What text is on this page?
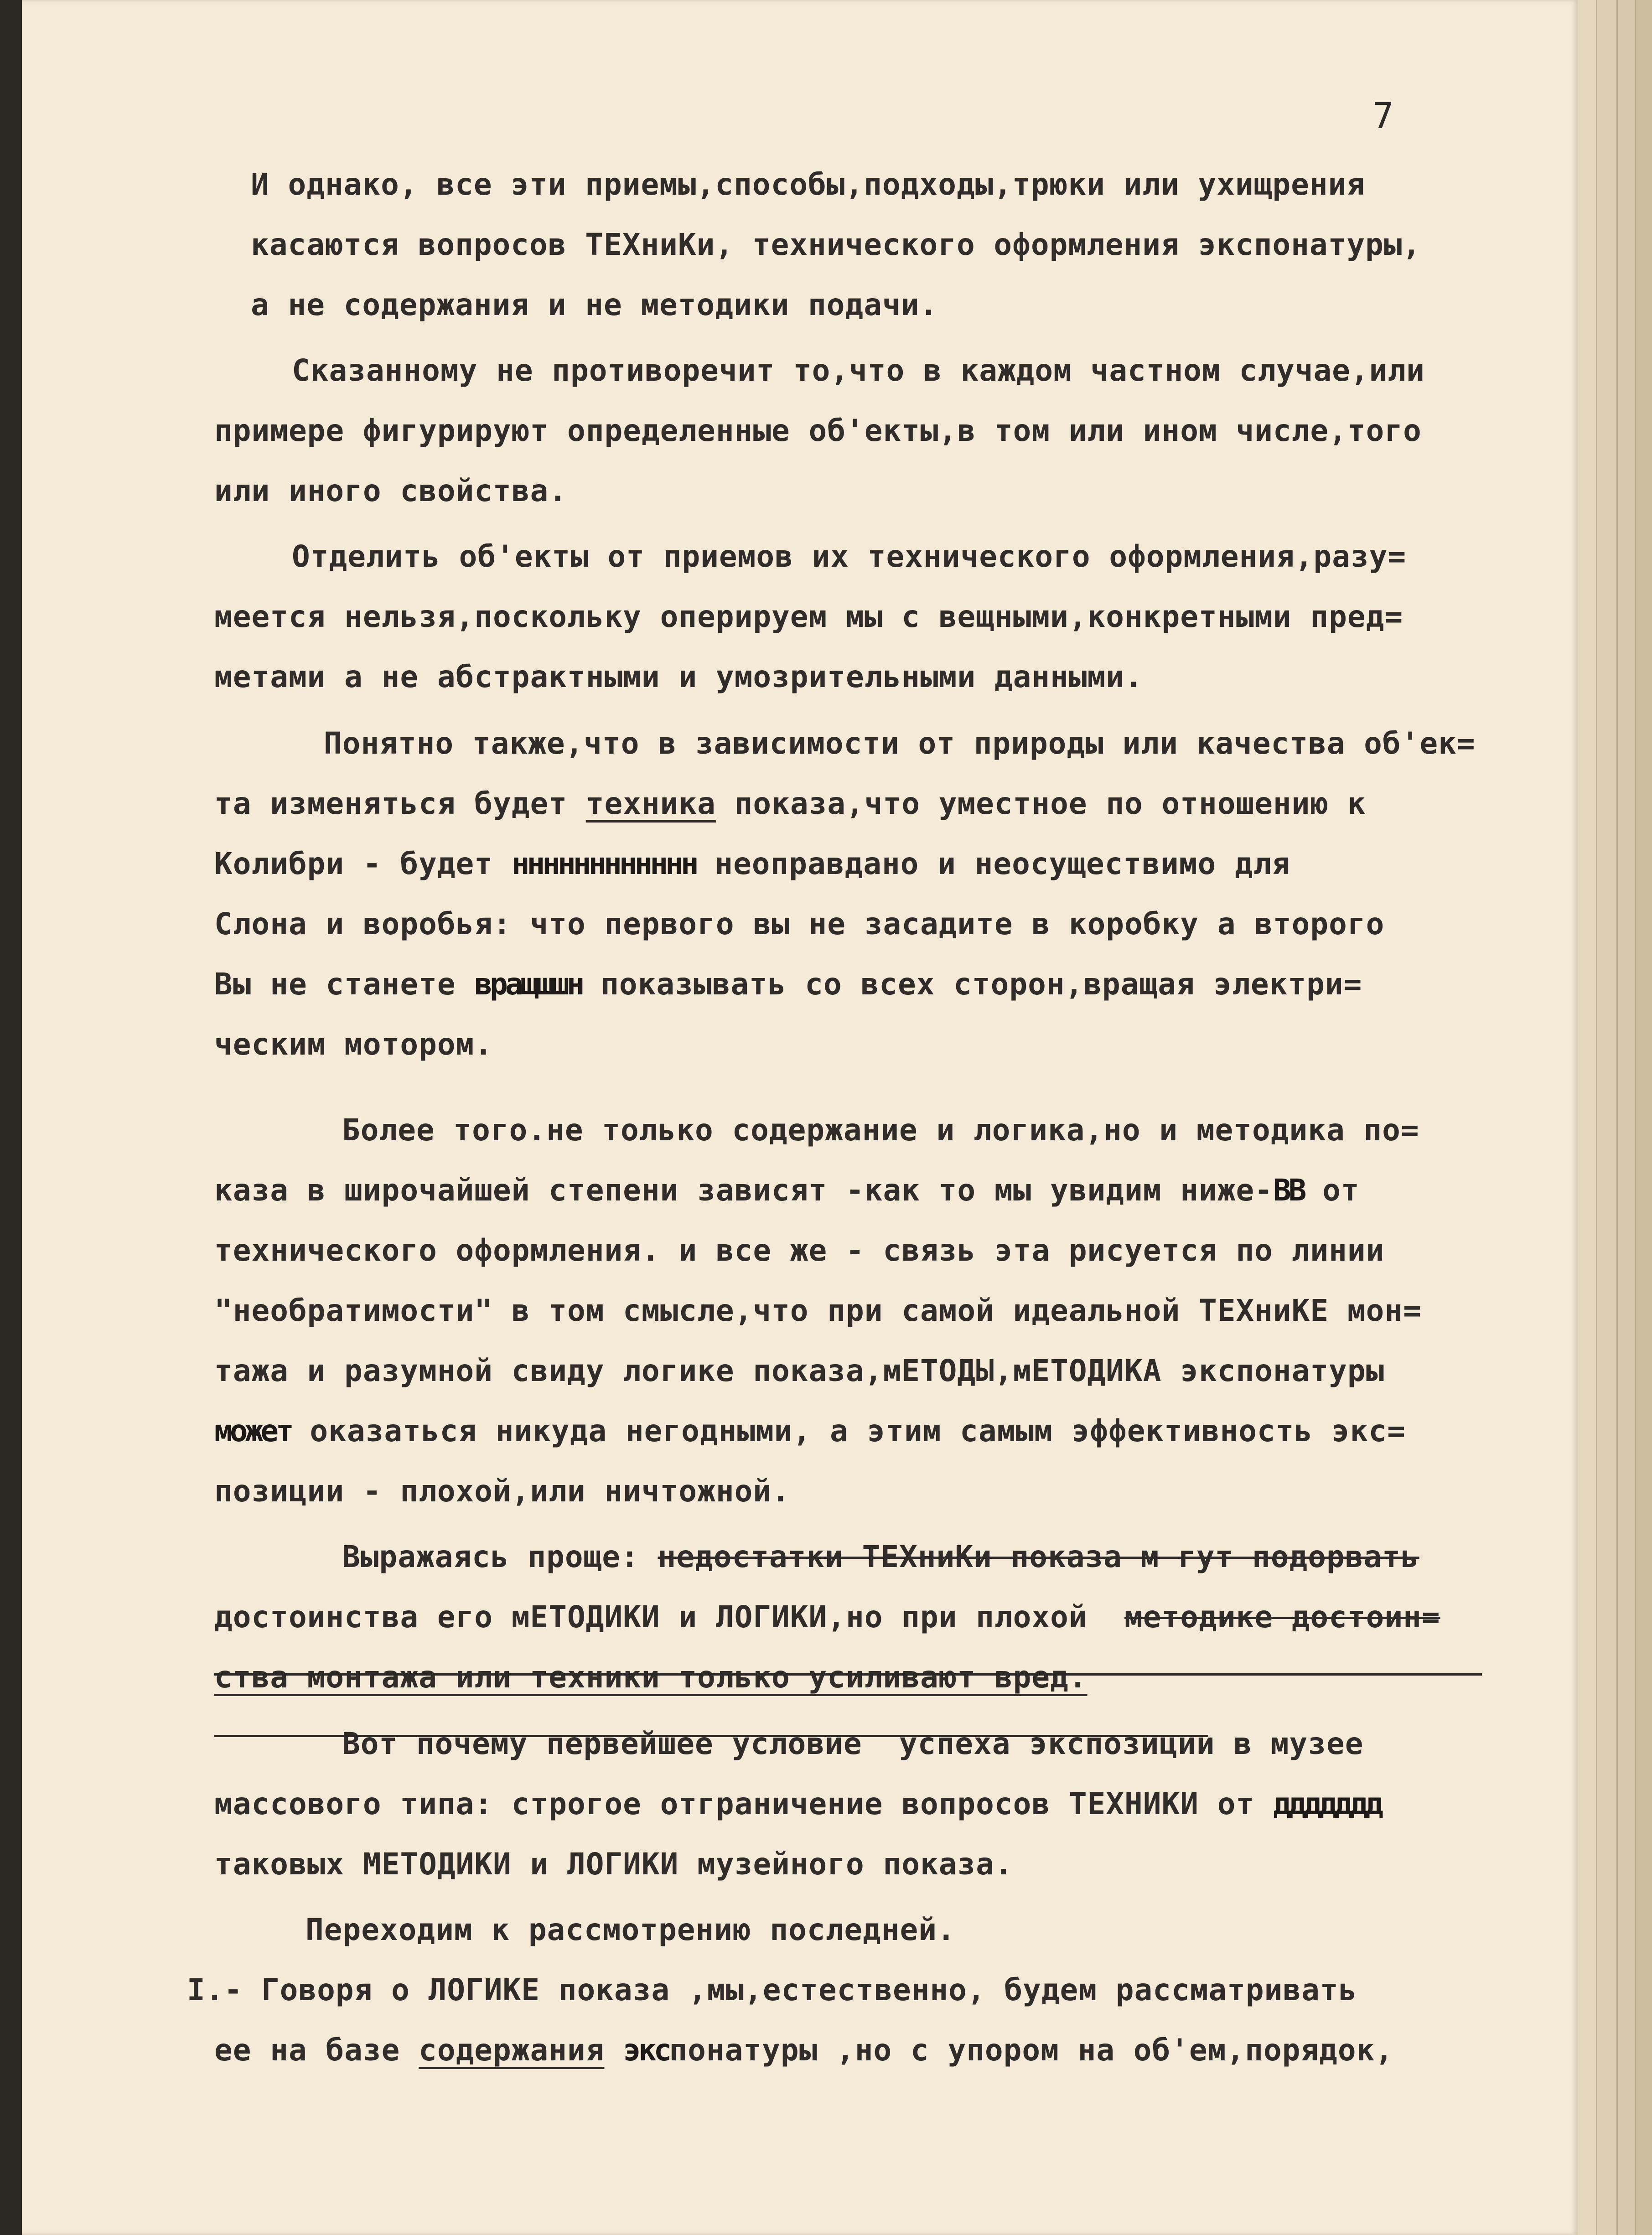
7
И однако, все эти приемы,способы,подходы,трюки или ухищрения
касаются вопросов ТЕХниКи, технического оформления экспонатуры,
а не содержания и не методики подачи.
Сказанному не противоречит то,что в каждом частном случае,или
примере фигурируют определенные об'екты,в том или ином числе,того
или иного свойства.
Отделить об'екты от приемов их технического оформления,разу=
меется нельзя,поскольку оперируем мы с вещными,конкретными пред=
метами а не абстрактными и умозрительными данными.
Понятно также,что в зависимости от природы или качества об'ек=
та изменяться будет техника показа,что уместное по отношению к
Колибри - будет нннннннннннн неоправдано и неосуществимо для
Слона и воробья: что первого вы не засадите в коробку а второго
Вы не станете вращшшн показывать со всех сторон,вращая электри=
ческим мотором.
Более того.не только содержание и логика,но и методика по=
каза в широчайшей степени зависят -как то мы увидим ниже-ВВ от
технического оформления. и все же - связь эта рисуется по линии
"необратимости" в том смысле,что при самой идеальной ТЕХниКЕ мон=
тажа и разумной свиду логике показа,мЕТОДЫ,мЕТОДИКА экспонатуры
может оказаться никуда негодными, а этим самым эффективность экс=
позиции - плохой,или ничтожной.
Выражаясь проще: недостатки ТЕХниКи показа м гут подорвать
достоинства его мЕТОДИКИ и ЛОГИКИ,но при плохой  методике достоин=
ства монтажа или техники только усиливают вред.
Вот почему первейшее условие  успеха экспозиции в музее
массового типа: строгое отграничение вопросов ТЕХНИКИ от ддддддд
таковых МЕТОДИКИ и ЛОГИКИ музейного показа.
Переходим к рассмотрению последней.
I.- Говоря о ЛОГИКЕ показа ,мы,естественно, будем рассматривать
ее на базе содержания экспонатуры ,но с упором на об'ем,порядок,
